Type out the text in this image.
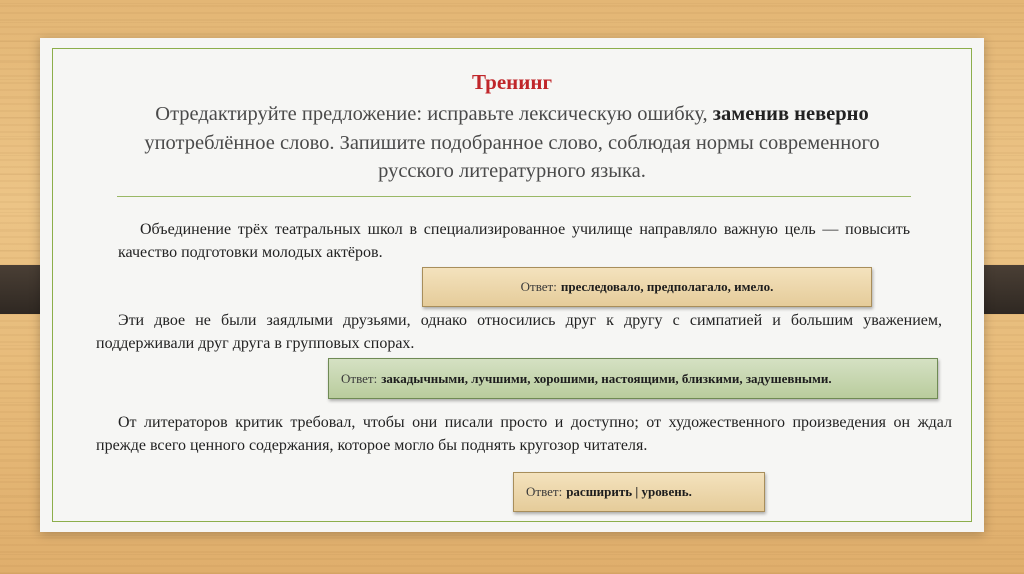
Тренинг
Отредактируйте предложение: исправьте лексическую ошибку, заменив неверно употреблённое слово. Запишите подобранное слово, соблюдая нормы современного русского литературного языка.
Объединение трёх театральных школ в специализированное училище направляло важную цель — повысить качество подготовки молодых актёров.
Ответ: преследовало, предполагало, имело.
Эти двое не были заядлыми друзьями, однако относились друг к другу с симпатией и большим уважением, поддерживали друг друга в групповых спорах.
Ответ: закадычными, лучшими, хорошими, настоящими, близкими, задушевными.
От литераторов критик требовал, чтобы они писали просто и доступно; от художественного произведения он ждал прежде всего ценного содержания, которое могло бы поднять кругозор читателя.
Ответ: расширить | уровень.
